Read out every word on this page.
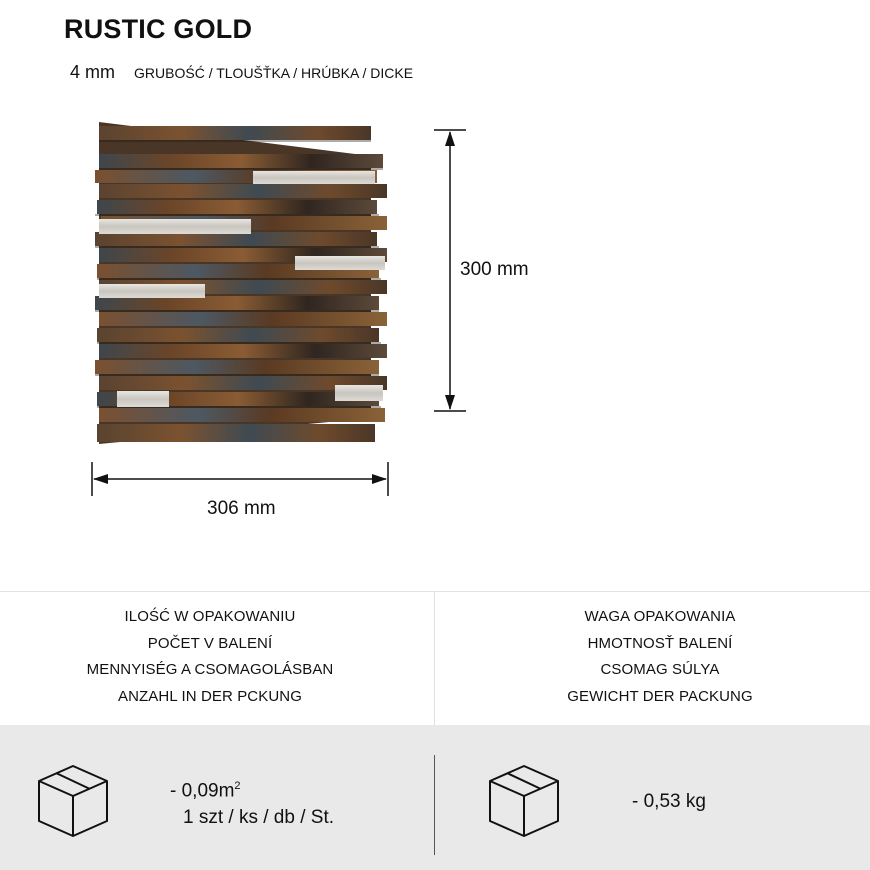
RUSTIC GOLD
4 mm GRUBOŚĆ / TLOUŠŤKA / HRÚBKA / DICKE
300 mm
306 mm
ILOŚĆ W OPAKOWANIU
POČET V BALENÍ
MENNYISÉG A CSOMAGOLÁSBAN
ANZAHL IN DER PCKUNG
WAGA OPAKOWANIA
HMOTNOSŤ BALENÍ
CSOMAG SÚLYA
GEWICHT DER PACKUNG
- $0,09m^2$
1 szt / ks / db / St.
- 0,53 kg
